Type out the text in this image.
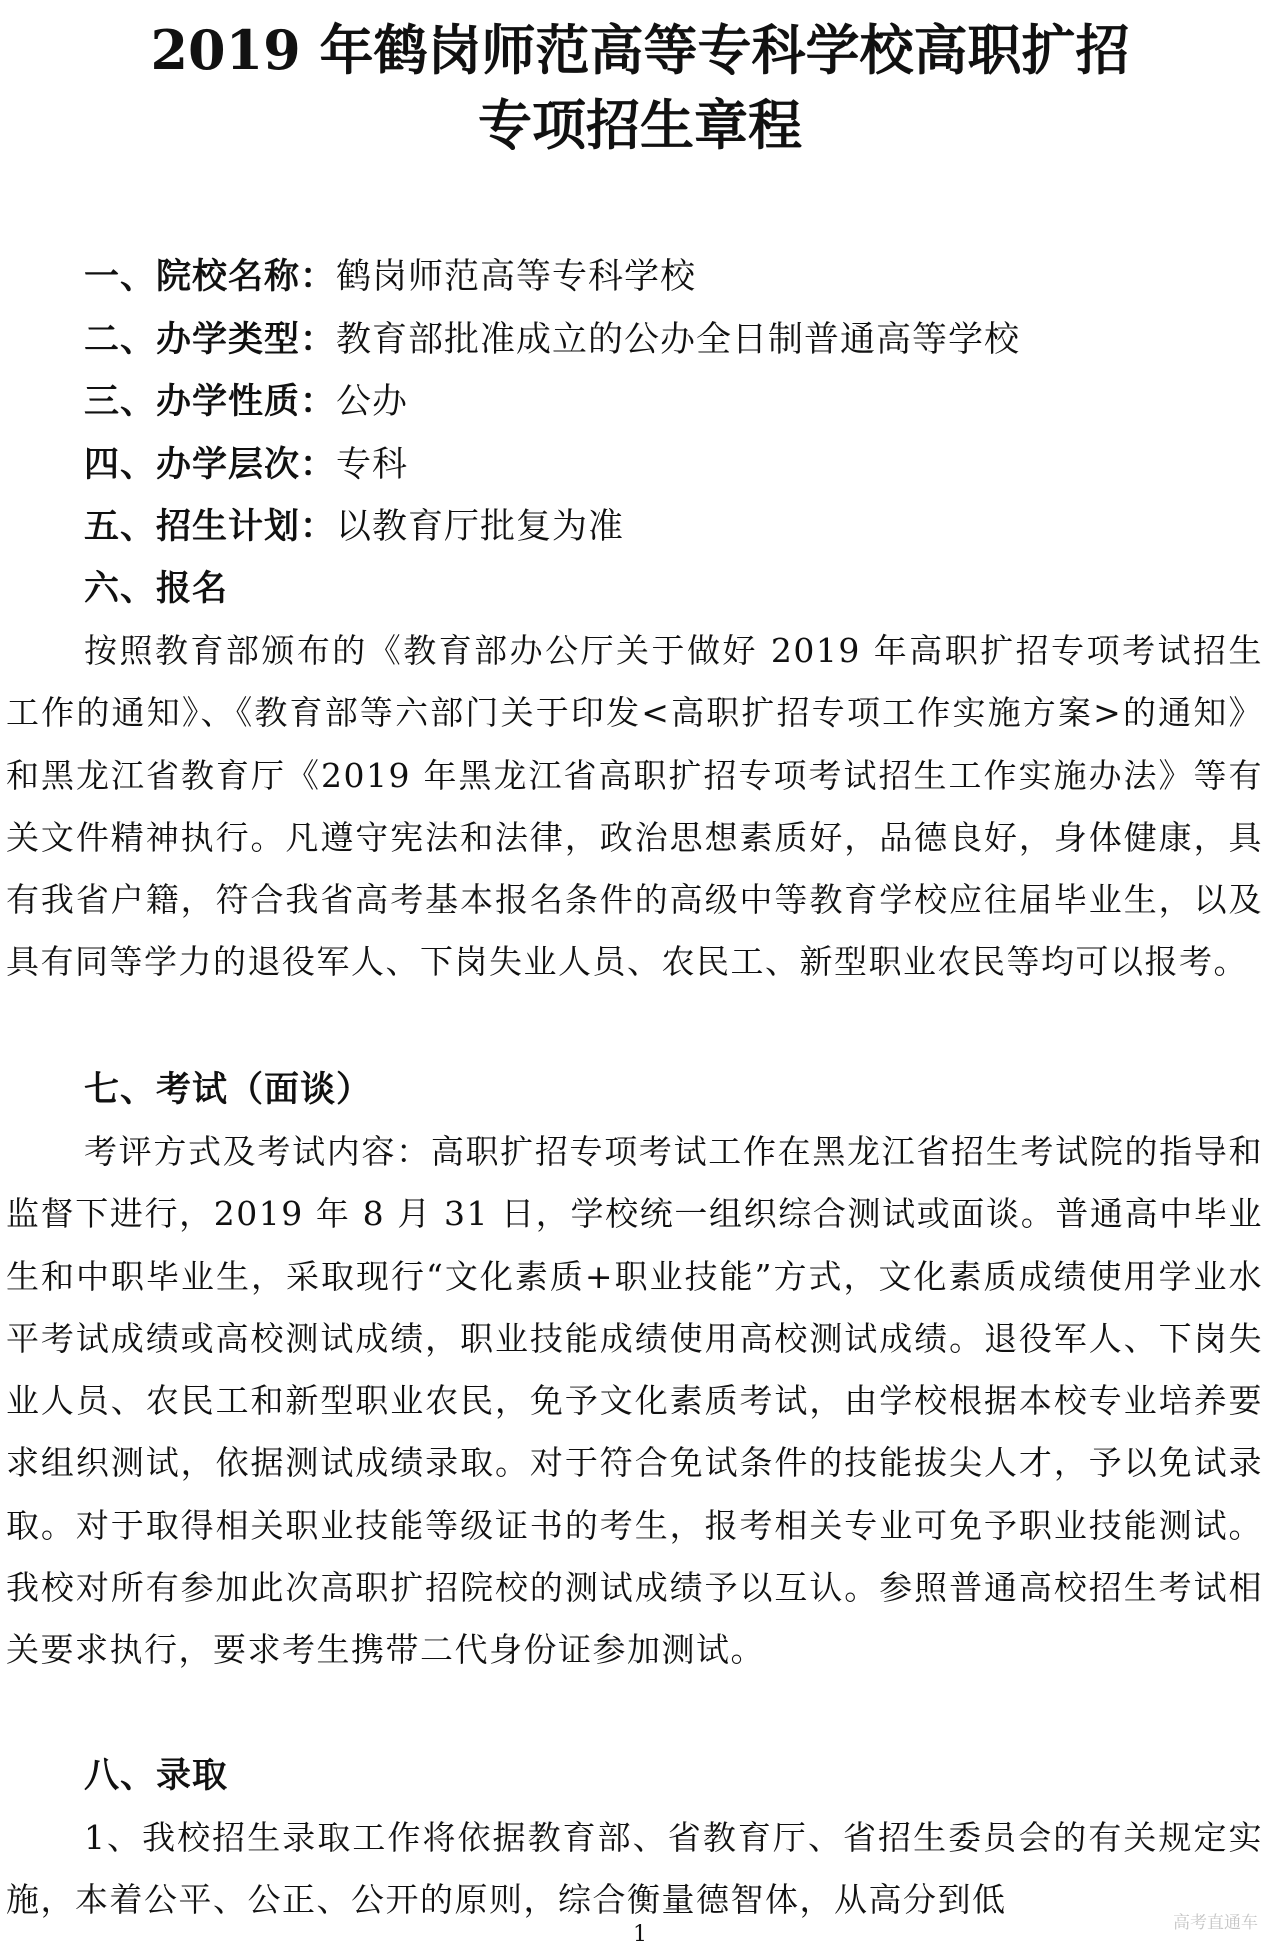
2019 年鹤岗师范高等专科学校高职扩招
专项招生章程
一、院校名称：鹤岗师范高等专科学校
二、办学类型：教育部批准成立的公办全日制普通高等学校
三、办学性质：公办
四、办学层次：专科
五、招生计划：以教育厅批复为准
六、报名

按照教育部颁布的《教育部办公厅关于做好 2019 年高职扩招专项考试招生工作的通知》、《教育部等六部门关于印发<高职扩招专项工作实施方案>的通知》和黑龙江省教育厅《2019 年黑龙江省高职扩招专项考试招生工作实施办法》等有关文件精神执行。凡遵守宪法和法律，政治思想素质好，品德良好，身体健康，具有我省户籍，符合我省高考基本报名条件的高级中等教育学校应往届毕业生，以及具有同等学力的退役军人、下岗失业人员、农民工、新型职业农民等均可以报考。

七、考试（面谈）

考评方式及考试内容：高职扩招专项考试工作在黑龙江省招生考试院的指导和监督下进行，2019 年 8 月 31 日，学校统一组织综合测试或面谈。普通高中毕业生和中职毕业生，采取现行“文化素质+职业技能”方式，文化素质成绩使用学业水平考试成绩或高校测试成绩，职业技能成绩使用高校测试成绩。退役军人、下岗失业人员、农民工和新型职业农民，免予文化素质考试，由学校根据本校专业培养要求组织测试，依据测试成绩录取。对于符合免试条件的技能拔尖人才，予以免试录取。对于取得相关职业技能等级证书的考生，报考相关专业可免予职业技能测试。我校对所有参加此次高职扩招院校的测试成绩予以互认。参照普通高校招生考试相关要求执行，要求考生携带二代身份证参加测试。

八、录取

1、我校招生录取工作将依据教育部、省教育厅、省招生委员会的有关规定实施，本着公平、公正、公开的原则，综合衡量德智体，从高分到低

高考直通车
1
